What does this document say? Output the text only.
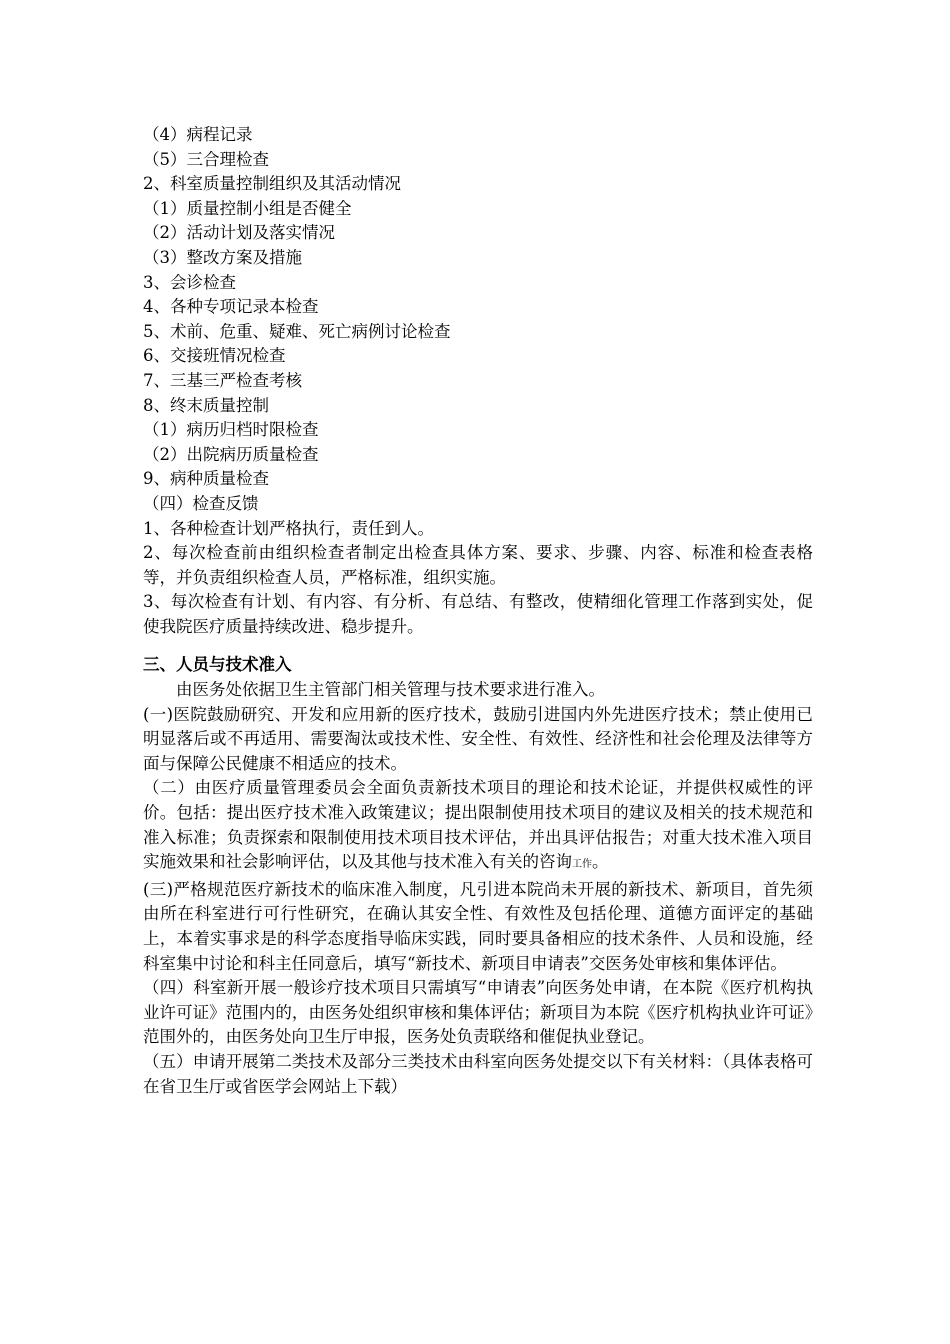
（4）病程记录

（5）三合理检查

2、科室质量控制组织及其活动情况

（1）质量控制小组是否健全

（2）活动计划及落实情况

（3）整改方案及措施

3、会诊检查

4、各种专项记录本检查

5、术前、危重、疑难、死亡病例讨论检查

6、交接班情况检查

7、三基三严检查考核

8、终末质量控制

（1）病历归档时限检查

（2）出院病历质量检查

9、病种质量检查

（四）检查反馈

1、各种检查计划严格执行，责任到人。

2、每次检查前由组织检查者制定出检查具体方案、要求、步骤、内容、标准和检查表格等，并负责组织检查人员，严格标准，组织实施。

3、每次检查有计划、有内容、有分析、有总结、有整改，使精细化管理工作落到实处，促使我院医疗质量持续改进、稳步提升。

三、人员与技术准入

由医务处依据卫生主管部门相关管理与技术要求进行准入。

(一)医院鼓励研究、开发和应用新的医疗技术，鼓励引进国内外先进医疗技术；禁止使用已明显落后或不再适用、需要淘汰或技术性、安全性、有效性、经济性和社会伦理及法律等方面与保障公民健康不相适应的技术。

（二）由医疗质量管理委员会全面负责新技术项目的理论和技术论证，并提供权威性的评价。包括：提出医疗技术准入政策建议；提出限制使用技术项目的建议及相关的技术规范和准入标准；负责探索和限制使用技术项目技术评估，并出具评估报告；对重大技术准入项目实施效果和社会影响评估，以及其他与技术准入有关的咨询工作。

(三)严格规范医疗新技术的临床准入制度，凡引进本院尚未开展的新技术、新项目，首先须由所在科室进行可行性研究，在确认其安全性、有效性及包括伦理、道德方面评定的基础上，本着实事求是的科学态度指导临床实践，同时要具备相应的技术条件、人员和设施，经科室集中讨论和科主任同意后，填写“新技术、新项目申请表”交医务处审核和集体评估。

（四）科室新开展一般诊疗技术项目只需填写“申请表”向医务处申请，在本院《医疗机构执业许可证》范围内的，由医务处组织审核和集体评估；新项目为本院《医疗机构执业许可证》范围外的，由医务处向卫生厅申报，医务处负责联络和催促执业登记。

（五）申请开展第二类技术及部分三类技术由科室向医务处提交以下有关材料：（具体表格可在省卫生厅或省医学会网站上下载）
